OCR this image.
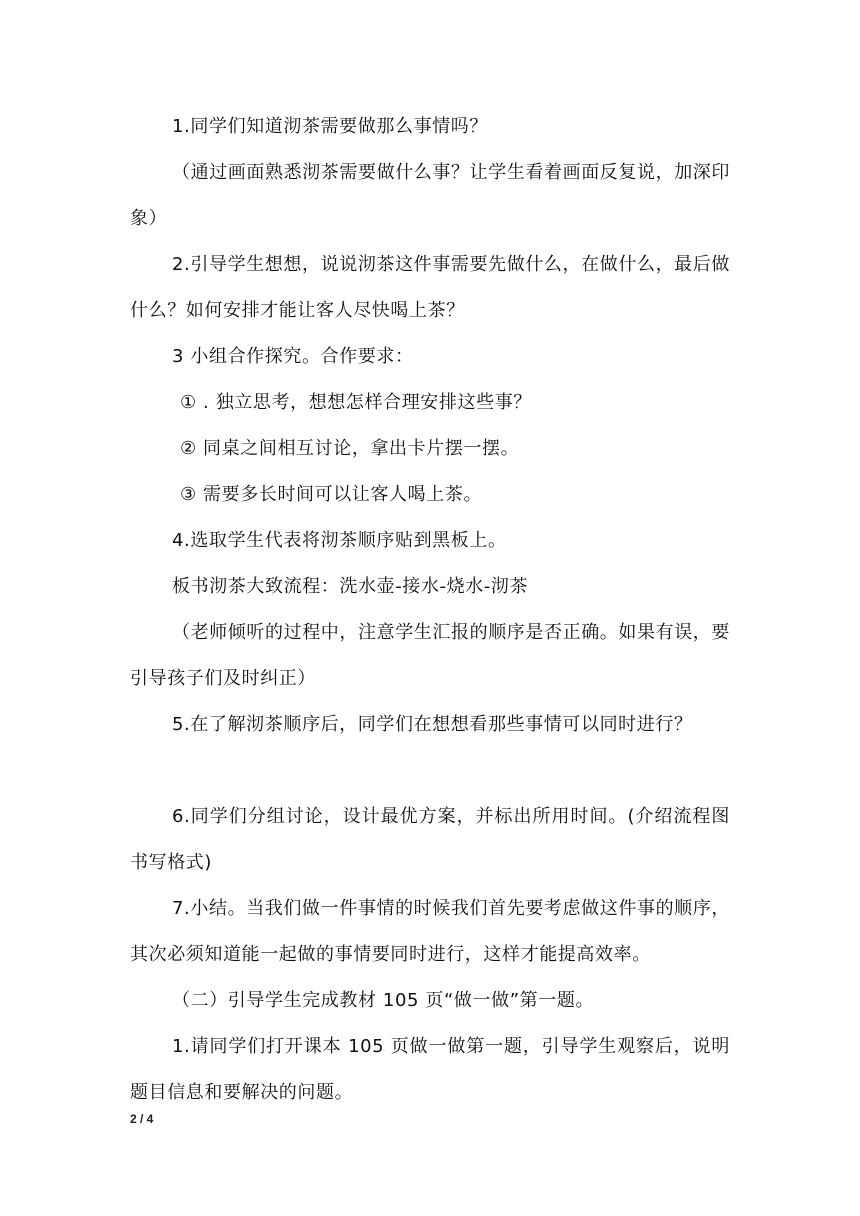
1.同学们知道沏茶需要做那么事情吗？

（通过画面熟悉沏茶需要做什么事？让学生看着画面反复说，加深印象）

2.引导学生想想，说说沏茶这件事需要先做什么，在做什么，最后做什么？如何安排才能让客人尽快喝上茶？

3 小组合作探究。合作要求：

① . 独立思考，想想怎样合理安排这些事？

② 同桌之间相互讨论，拿出卡片摆一摆。

③ 需要多长时间可以让客人喝上茶。

4.选取学生代表将沏茶顺序贴到黑板上。

板书沏茶大致流程：洗水壶-接水-烧水-沏茶

（老师倾听的过程中，注意学生汇报的顺序是否正确。如果有误，要引导孩子们及时纠正）

5.在了解沏茶顺序后，同学们在想想看那些事情可以同时进行？

6.同学们分组讨论，设计最优方案，并标出所用时间。(介绍流程图书写格式)

7.小结。当我们做一件事情的时候我们首先要考虑做这件事的顺序，其次必须知道能一起做的事情要同时进行，这样才能提高效率。

（二）引导学生完成教材 105 页“做一做”第一题。

1.请同学们打开课本 105 页做一做第一题，引导学生观察后，说明题目信息和要解决的问题。

2 / 4
